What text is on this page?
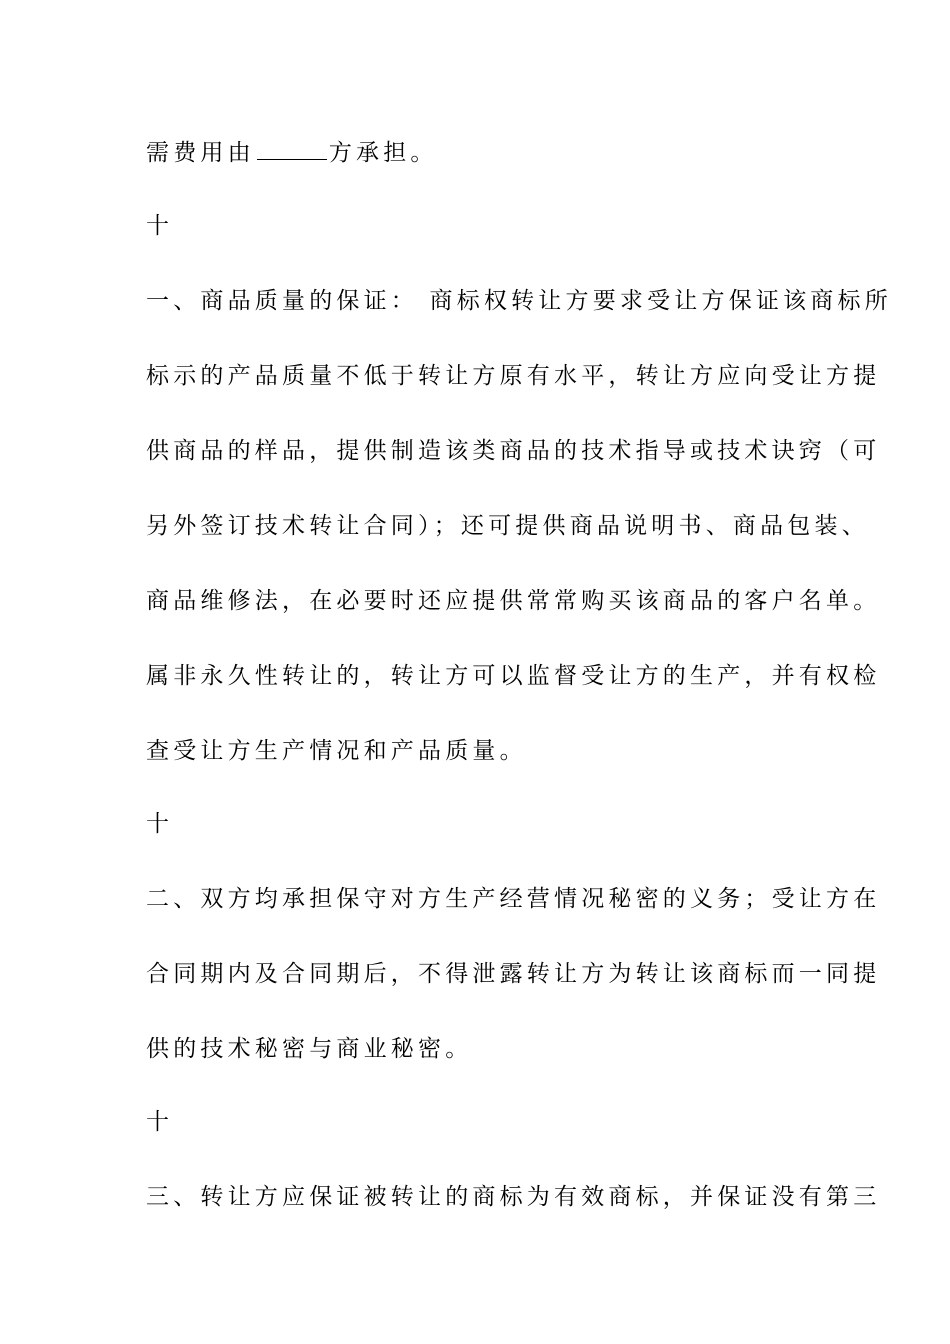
需费用由	方承担。
十
一、商品质量的保证： 商标权转让方要求受让方保证该商标所
标示的产品质量不低于转让方原有水平，转让方应向受让方提
供商品的样品，提供制造该类商品的技术指导或技术诀窍（可
另外签订技术转让合同）；还可提供商品说明书、商品包装、
商品维修法，在必要时还应提供常常购买该商品的客户名单。
属非永久性转让的，转让方可以监督受让方的生产，并有权检
查受让方生产情况和产品质量。
十
二、双方均承担保守对方生产经营情况秘密的义务；受让方在
合同期内及合同期后，不得泄露转让方为转让该商标而一同提
供的技术秘密与商业秘密。
十
三、转让方应保证被转让的商标为有效商标，并保证没有第三
